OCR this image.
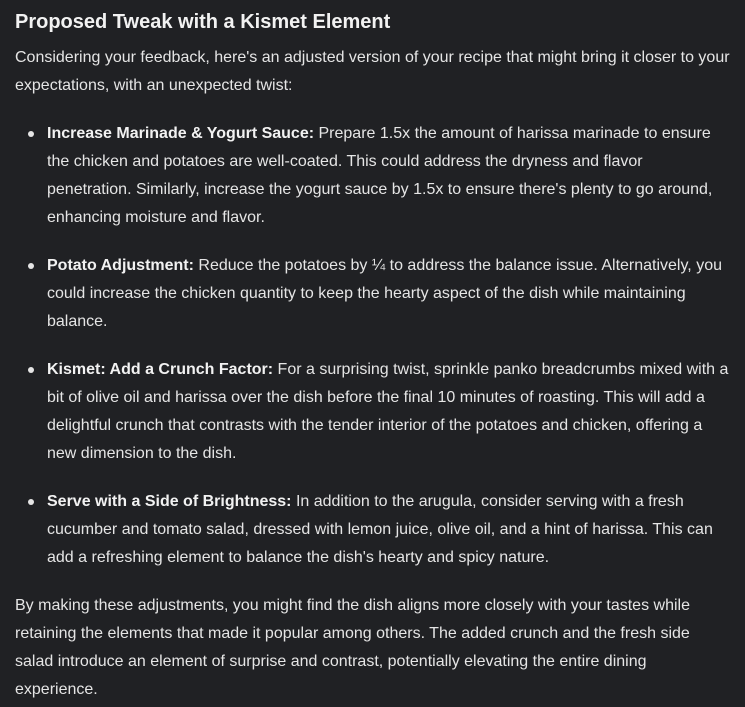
Proposed Tweak with a Kismet Element

Considering your feedback, here's an adjusted version of your recipe that might bring it closer to your expectations, with an unexpected twist:

Increase Marinade & Yogurt Sauce: Prepare 1.5x the amount of harissa marinade to ensure the chicken and potatoes are well-coated. This could address the dryness and flavor penetration. Similarly, increase the yogurt sauce by 1.5x to ensure there's plenty to go around, enhancing moisture and flavor.
Potato Adjustment: Reduce the potatoes by ¼ to address the balance issue. Alternatively, you could increase the chicken quantity to keep the hearty aspect of the dish while maintaining balance.
Kismet: Add a Crunch Factor: For a surprising twist, sprinkle panko breadcrumbs mixed with a bit of olive oil and harissa over the dish before the final 10 minutes of roasting. This will add a delightful crunch that contrasts with the tender interior of the potatoes and chicken, offering a new dimension to the dish.
Serve with a Side of Brightness: In addition to the arugula, consider serving with a fresh cucumber and tomato salad, dressed with lemon juice, olive oil, and a hint of harissa. This can add a refreshing element to balance the dish's hearty and spicy nature.

By making these adjustments, you might find the dish aligns more closely with your tastes while retaining the elements that made it popular among others. The added crunch and the fresh side salad introduce an element of surprise and contrast, potentially elevating the entire dining experience.
